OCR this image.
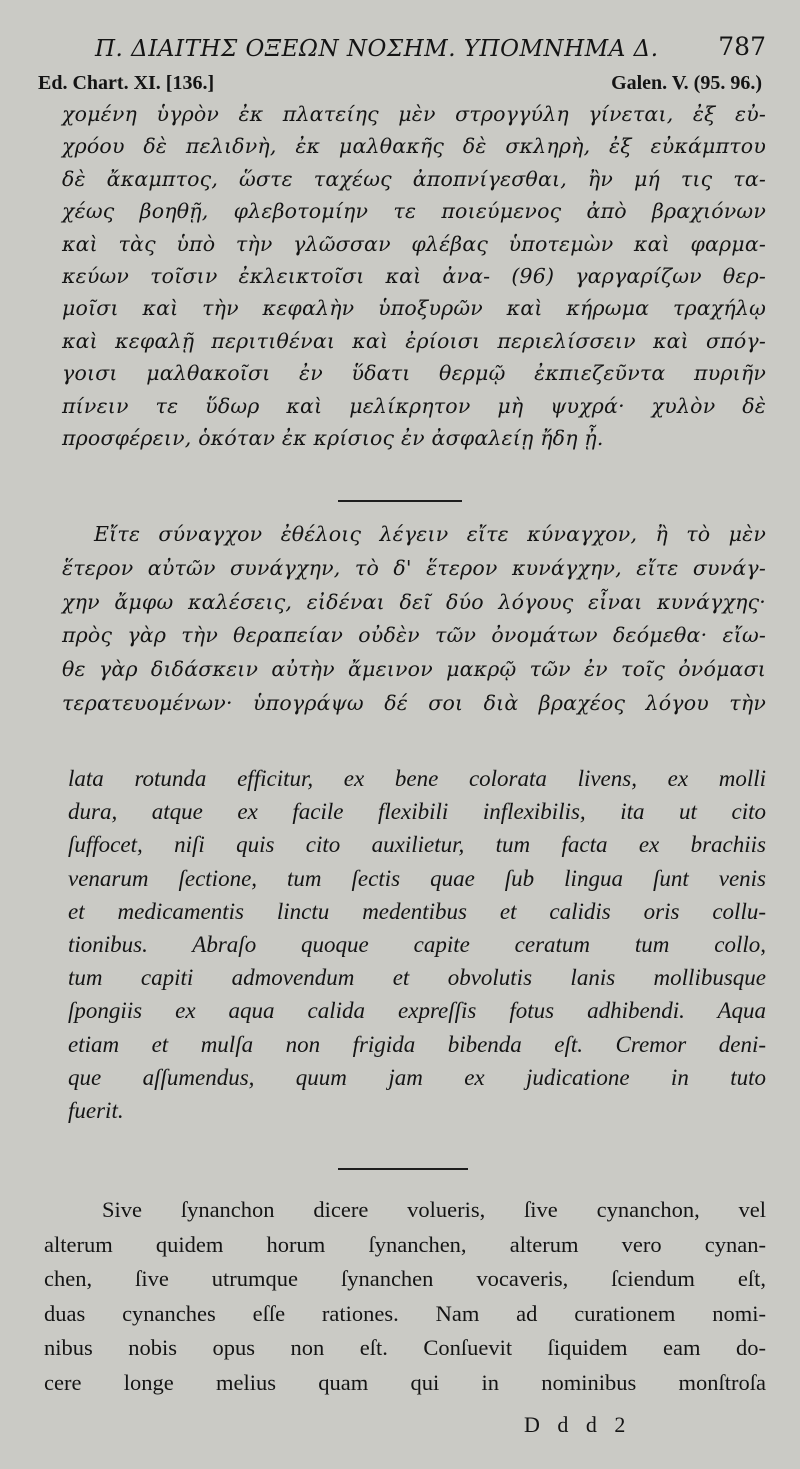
Π. ΔΙΑΙΤΗΣ ΟΞΕΩΝ ΝΟΣΗΜ. ΥΠΟΜΝΗΜΑ Δ. 787
Ed. Chart. XI. [136.]	Galen. V. (95. 96.)
χομένη ὑγρὸν ἐκ πλατείης μὲν στρογγύλη γίνεται, ἐξ εὐ-
χρόου δὲ πελιδνὴ, ἐκ μαλθακῆς δὲ σκληρὴ, ἐξ εὐκάμπτου
δὲ ἄκαμπτος, ὥστε ταχέως ἀποπνίγεσθαι, ἢν μή τις τα-
χέως βοηθῇ, φλεβοτομίην τε ποιεύμενος ἀπὸ βραχιόνων
καὶ τὰς ὑπὸ τὴν γλῶσσαν φλέβας ὑποτεμὼν καὶ φαρμα-
κεύων τοῖσιν ἐκλεικτοῖσι καὶ ἀνα- (96) γαργαρίζων θερ-
μοῖσι καὶ τὴν κεφαλὴν ὑποξυρῶν καὶ κήρωμα τραχήλῳ
καὶ κεφαλῇ περιτιθέναι καὶ ἐρίοισι περιελίσσειν καὶ σπόγ-
γοισι μαλθακοῖσι ἐν ὕδατι θερμῷ ἐκπιεζεῦντα πυριῆν
πίνειν τε ὕδωρ καὶ μελίκρητον μὴ ψυχρά· χυλὸν δὲ
προσφέρειν, ὁκόταν ἐκ κρίσιος ἐν ἀσφαλείῃ ἤδη ᾖ.
Εἴτε σύναγχον ἐθέλοις λέγειν εἴτε κύναγχον, ἢ τὸ μὲν
ἕτερον αὐτῶν συνάγχην, τὸ δ' ἕτερον κυνάγχην, εἴτε συνάγ-
χην ἄμφω καλέσεις, εἰδέναι δεῖ δύο λόγους εἶναι κυνάγχης·
πρὸς γὰρ τὴν θεραπείαν οὐδὲν τῶν ὀνομάτων δεόμεθα· εἴω-
θε γὰρ διδάσκειν αὐτὴν ἄμεινον μακρῷ τῶν ἐν τοῖς ὀνόμασι
τερατευομένων· ὑπογράψω δέ σοι διὰ βραχέος λόγου τὴν
lata rotunda efficitur, ex bene colorata livens, ex molli
dura, atque ex facile flexibili inflexibilis, ita ut cito
ſuffocet, niſi quis cito auxilietur, tum facta ex brachiis
venarum ſectione, tum ſectis quae ſub lingua ſunt venis
et medicamentis linctu medentibus et calidis oris collu-
tionibus. Abraſo quoque capite ceratum tum collo,
tum capiti admovendum et obvolutis lanis mollibusque
ſpongiis ex aqua calida expreſſis fotus adhibendi. Aqua
etiam et mulſa non frigida bibenda eſt. Cremor deni-
que aſſumendus, quum jam ex judicatione in tuto
fuerit.
Sive ſynanchon dicere volueris, ſive cynanchon, vel
alterum quidem horum ſynanchen, alterum vero cynan-
chen, ſive utrumque ſynanchen vocaveris, ſciendum eſt,
duas cynanches eſſe rationes. Nam ad curationem nomi-
nibus nobis opus non eſt. Conſuevit ſiquidem eam do-
cere longe melius quam qui in nominibus monſtroſa
D d d 2
